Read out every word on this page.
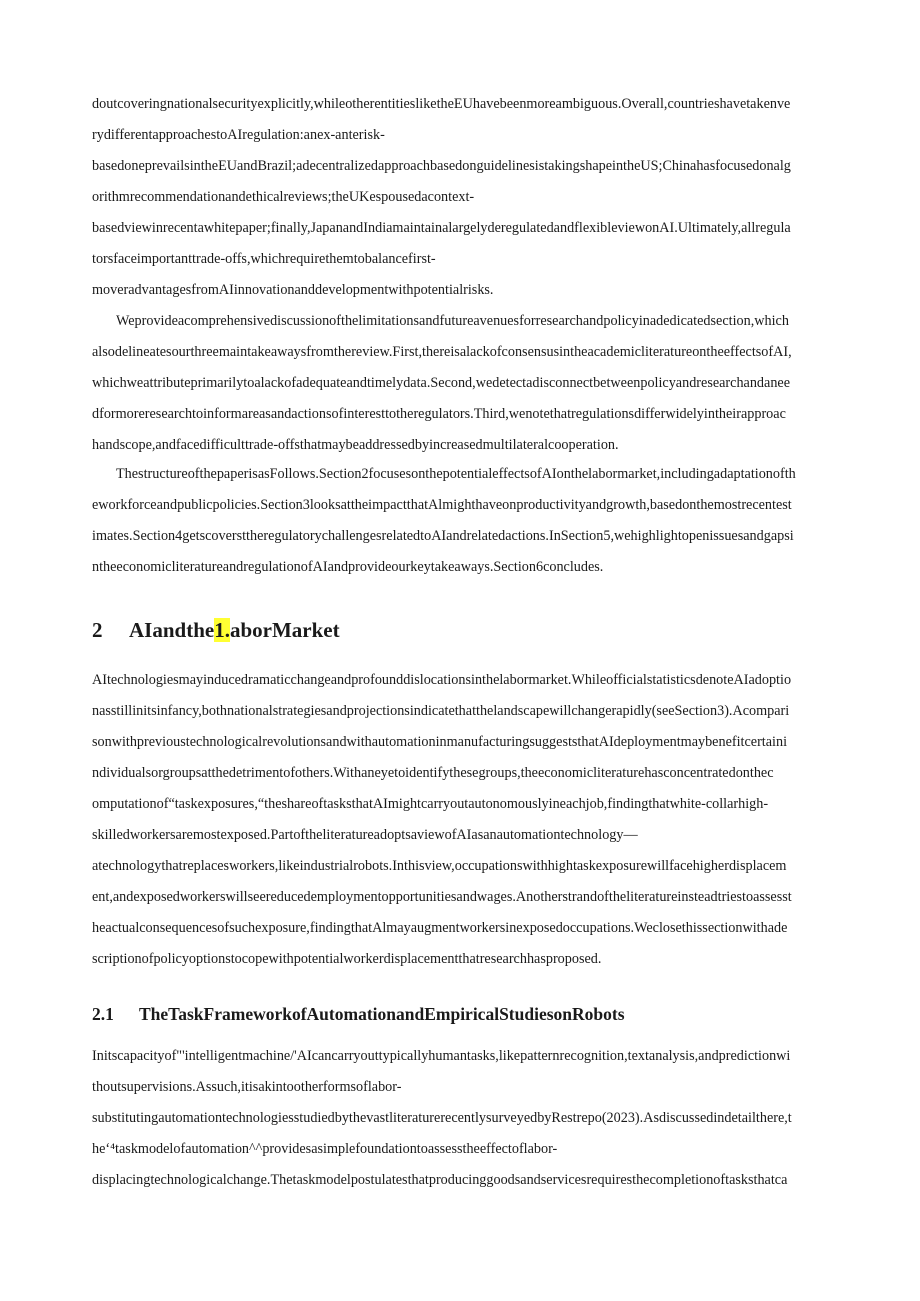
doutcoveringnationalsecurityexplicitly,whileotherentitiesliketheEUhavebeenmoreambiguous.Overall,countrieshavetakenve
rydifferentapproachestoAIregulation:anex-anterisk-
basedoneprevailsintheEUandBrazil;adecentralizedapproachbasedonguidelinesistakingshapeintheUS;Chinahasfocusedonalg
orithmrecommendationandethicalreviews;theUKespousedacontext-
basedviewinrecentawhitepaper;finally,JapanandIndiamaintainalargelyderegulatedandflexibleviewonAI.Ultimately,allregula
torsfaceimportanttrade-offs,whichrequirethemtobalancefirst-
moveradvantagesfromAIinnovationanddevelopmentwithpotentialrisks.
Weprovideacomprehensivediscussionofthelimitationsandfutureavenuesforresearchandpolicyinadedicatedsection,which
alsodelineatesourthreemaintakeawaysfromthereview.First,thereisalackofconsensusintheacademicliteratureontheeffectsofAI,
whichweattributeprimarilytoalackofadequateandtimelydata.Second,wedetectadisconnectbetweenpolicyandresearchandanee
dformoreresearchtoinformareasandactionsofinteresttotheregulators.Third,wenotethatregulationsdifferwidelyintheirapproac
handscope,andfacedifficulttrade-offsthatmaybeaddressedbyincreasedmultilateralcooperation.
ThestructureofthepaperisasFollows.Section2focusesonthepotentialeffectsofAIonthelabormarket,includingadaptationofth
eworkforceandpublicpolicies.Section3looksattheimpactthatAlmighthaveonproductivityandgrowth,basedonthemostrecentest
imates.Section4getscoversttheregulatorychallengesrelatedtoAIandrelatedactions.InSection5,wehighlightopenissuesandgapsi
ntheeconomicliteratureandregulationofAIandprovideourkeytakeaways.Section6concludes.
2 AIandthe1.aborMarket
AItechnologiesmayinducedramaticchangeandprofounddislocationsinthelabormarket.WhileofficialstatisticsdenoteAIadoptio
nasstillinitsinfancy,bothnationalstrategiesandprojectionsindicatethatthelandscapewillchangerapidly(seeSection3).Acompari
sonwithprevioustechnologicalrevolutionsandwithautomationinmanufacturingsuggeststhatAIdeploymentmaybenefitcertaini
ndividualsorgroupsatthedetrimentofothers.Withaneyetoidentifythesegroups,theeconomicliteraturehasconcentratedonthec
omputationof“taskexposures,“theshareoftasksthatAImightcarryoutautonomouslyineachjob,findingthatwhite-collarhigh-
skilledworkersaremostexposed.PartoftheliteratureadoptsaviewofAIasanautomationtechnology—
atechnologythatreplacesworkers,likeindustrialrobots.Inthisview,occupationswithhightaskexposurewillfacehigherdisplacem
ent,andexposedworkerswillseereducedemploymentopportunitiesandwages.Anotherstrandoftheliteratureinsteadtriestoassesst
heactualconsequencesofsuchexposure,findingthatAlmayaugmentworkersinexposedoccupations.Weclosethissectionwithade
scriptionofpolicyoptionstocopewithpotentialworkerdisplacementthatresearchhasproposed.
2.1 TheTaskFrameworkofAutomationandEmpiricalStudiesonRobots
Initscapacityof"'intelligentmachine/'AIcancarryouttypicallyhumantasks,likepatternrecognition,textanalysis,andpredictionwi
thoutsupervisions.Assuch,itisakintootherformsoflabor-
substitutingautomationtechnologiesstudiedbythevastliteraturerecentlysurveyedbyRestrepo(2023).Asdiscussedindetailthere,t
he‘⁴taskmodelofautomation^^providesasimplefoundationtoassesstheeffectoflabor-
displacingtechnologicalchange.Thetaskmodelpostulatesthatproducinggoodsandservicesrequiresthecompletionoftasksthatca
